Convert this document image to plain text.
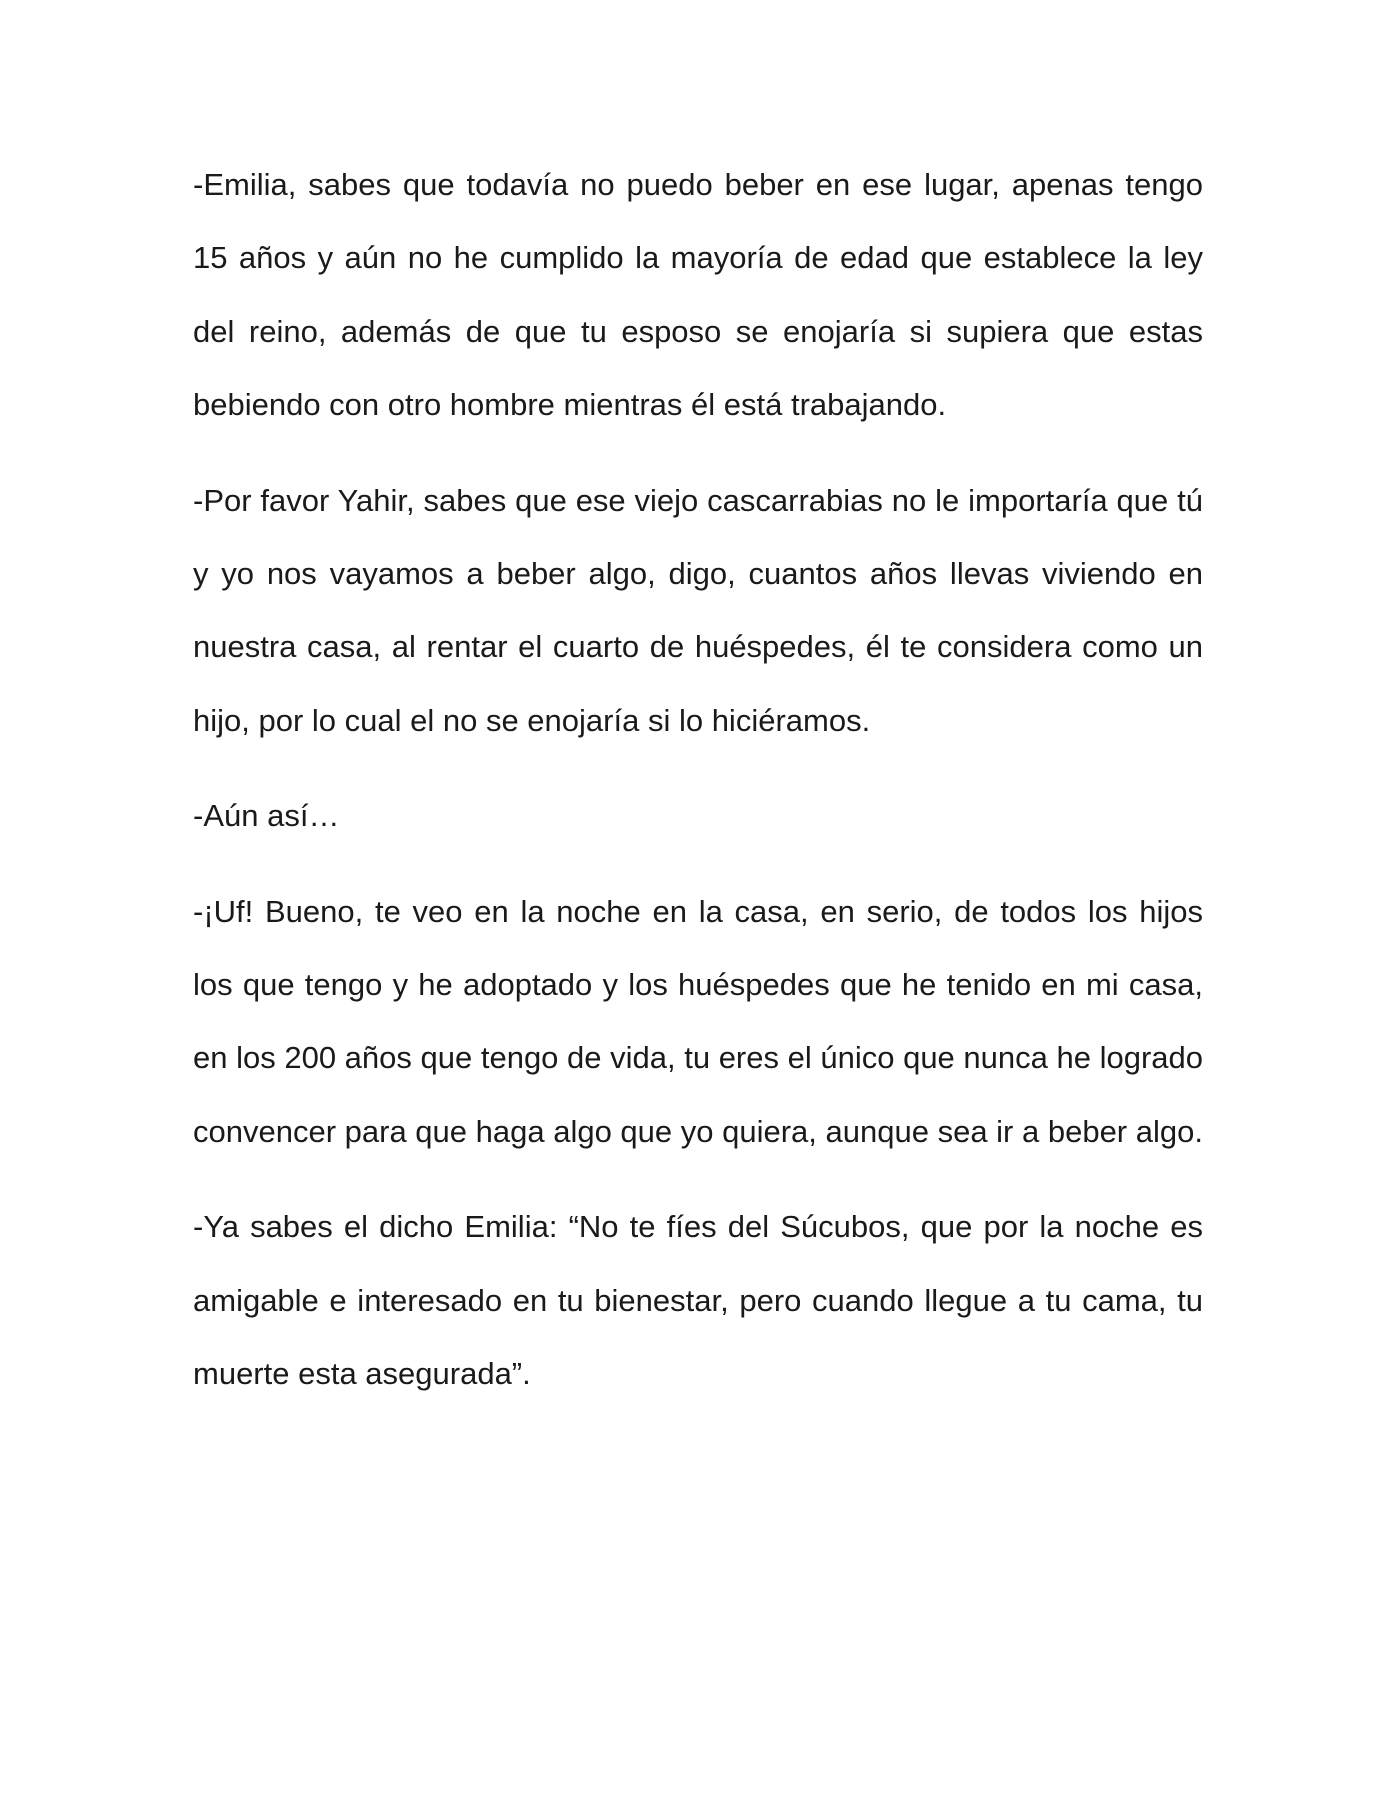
-Emilia, sabes que todavía no puedo beber en ese lugar, apenas tengo 15 años y aún no he cumplido la mayoría de edad que establece la ley del reino, además de que tu esposo se enojaría si supiera que estas bebiendo con otro hombre mientras él está trabajando.

-Por favor Yahir, sabes que ese viejo cascarrabias no le importaría que tú y yo nos vayamos a beber algo, digo, cuantos años llevas viviendo en nuestra casa, al rentar el cuarto de huéspedes, él te considera como un hijo, por lo cual el no se enojaría si lo hiciéramos.

-Aún así…

-¡Uf! Bueno, te veo en la noche en la casa, en serio, de todos los hijos los que tengo y he adoptado y los huéspedes que he tenido en mi casa, en los 200 años que tengo de vida, tu eres el único que nunca he logrado convencer para que haga algo que yo quiera, aunque sea ir a beber algo.

-Ya sabes el dicho Emilia: “No te fíes del Súcubos, que por la noche es amigable e interesado en tu bienestar, pero cuando llegue a tu cama, tu muerte esta asegurada”.
